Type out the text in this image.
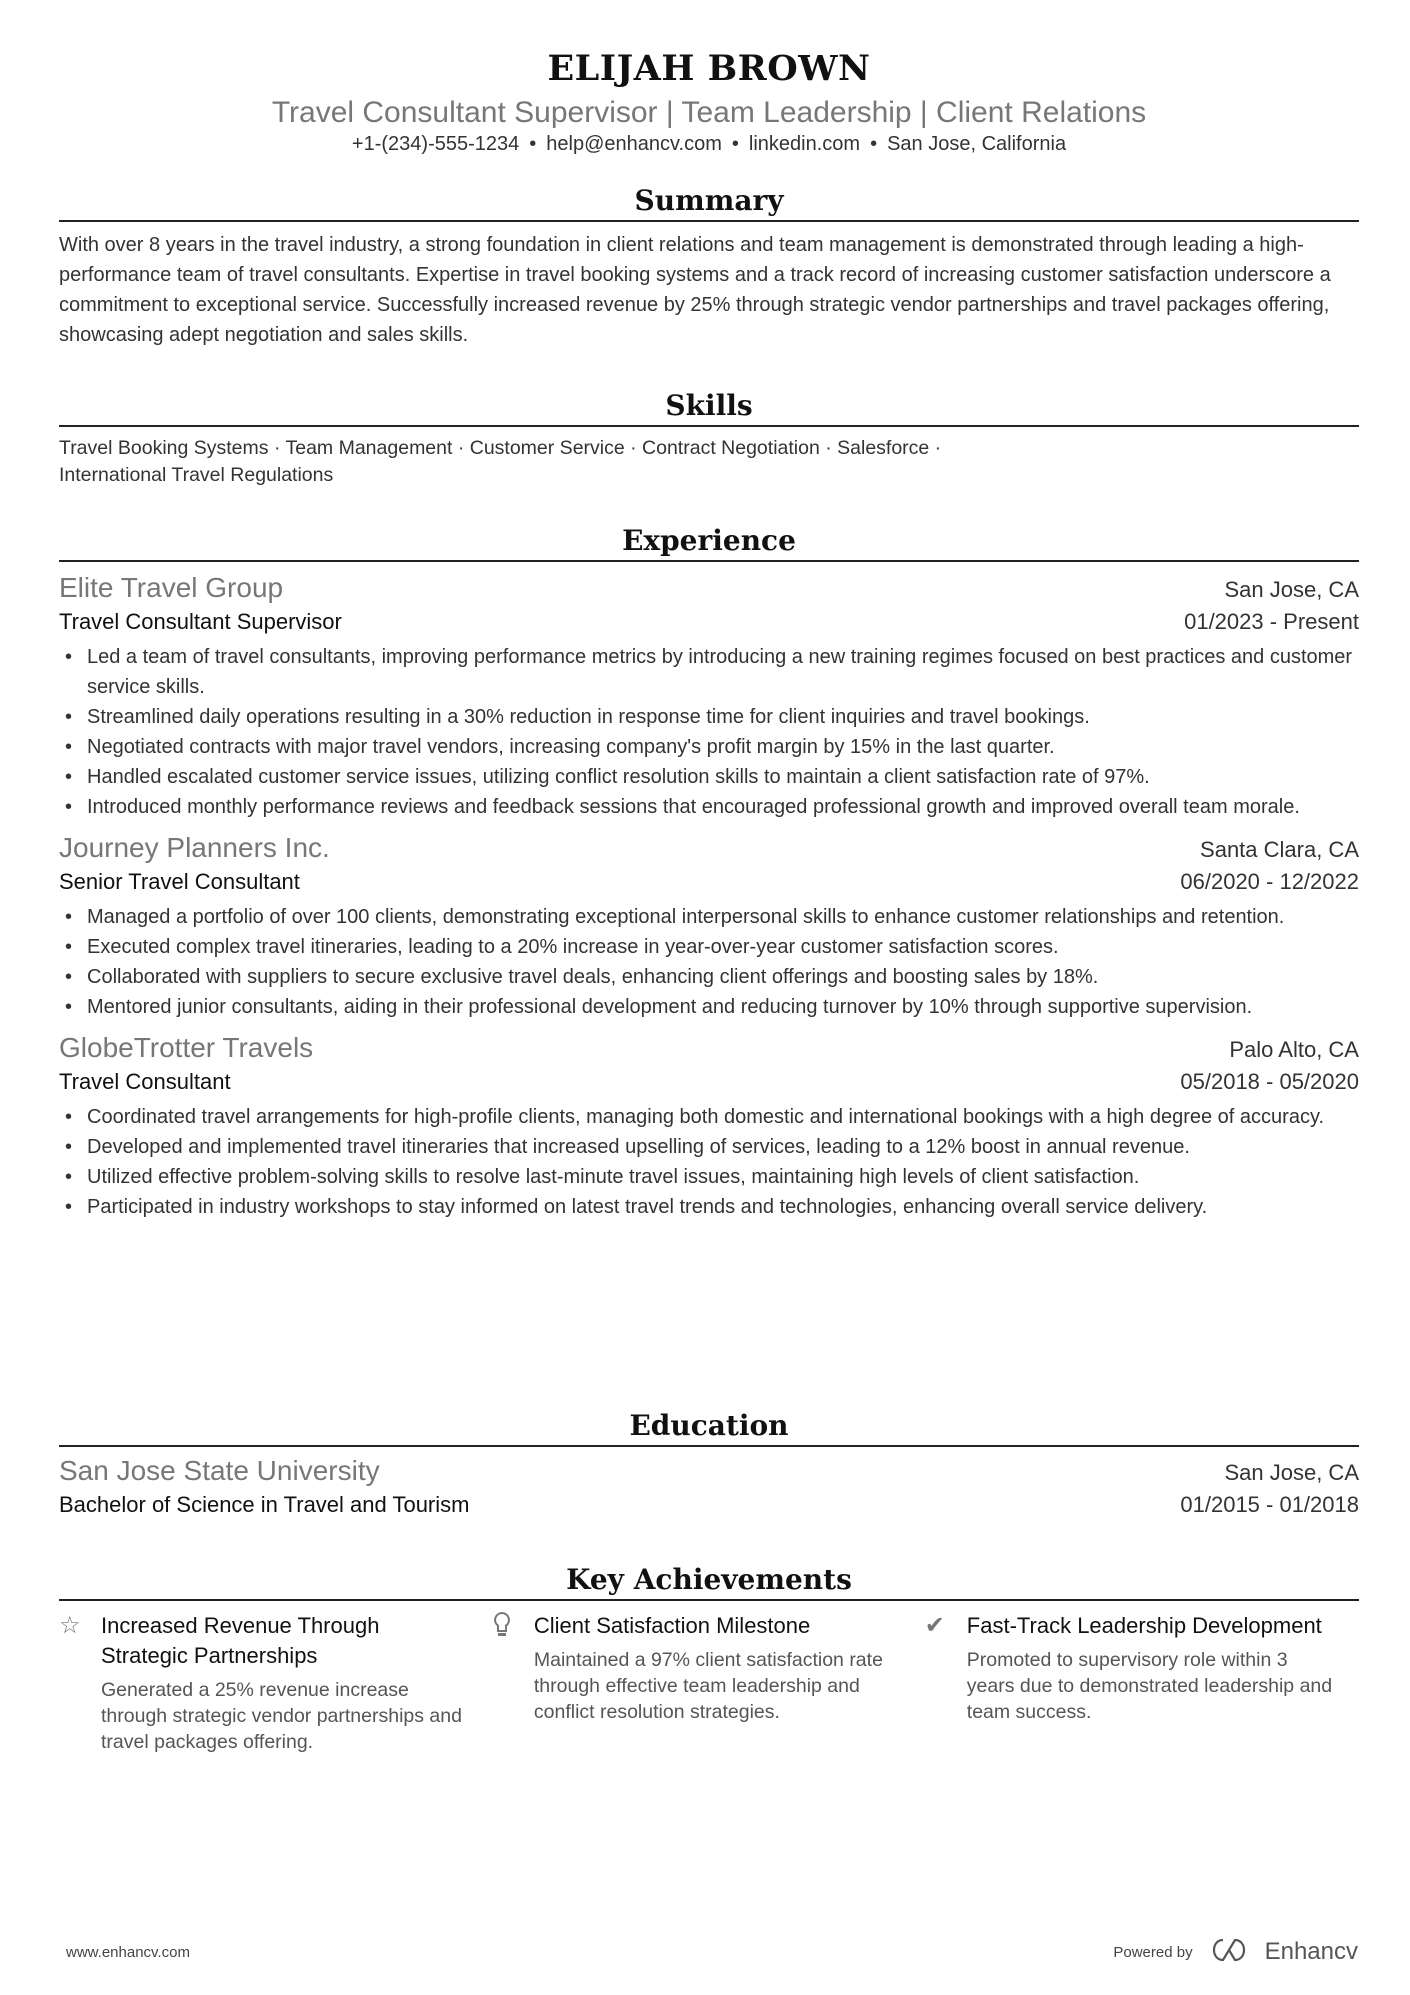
ELIJAH BROWN
Travel Consultant Supervisor | Team Leadership | Client Relations
+1-(234)-555-1234 • help@enhancv.com • linkedin.com • San Jose, California
Summary
With over 8 years in the travel industry, a strong foundation in client relations and team management is demonstrated through leading a high-performance team of travel consultants. Expertise in travel booking systems and a track record of increasing customer satisfaction underscore a commitment to exceptional service. Successfully increased revenue by 25% through strategic vendor partnerships and travel packages offering, showcasing adept negotiation and sales skills.
Skills
Travel Booking Systems · Team Management · Customer Service · Contract Negotiation · Salesforce ·
International Travel Regulations
Experience
Elite Travel Group	San Jose, CA
Travel Consultant Supervisor	01/2023 - Present
• Led a team of travel consultants, improving performance metrics by introducing a new training regimes focused on best practices and customer service skills.
• Streamlined daily operations resulting in a 30% reduction in response time for client inquiries and travel bookings.
• Negotiated contracts with major travel vendors, increasing company's profit margin by 15% in the last quarter.
• Handled escalated customer service issues, utilizing conflict resolution skills to maintain a client satisfaction rate of 97%.
• Introduced monthly performance reviews and feedback sessions that encouraged professional growth and improved overall team morale.
Journey Planners Inc.	Santa Clara, CA
Senior Travel Consultant	06/2020 - 12/2022
• Managed a portfolio of over 100 clients, demonstrating exceptional interpersonal skills to enhance customer relationships and retention.
• Executed complex travel itineraries, leading to a 20% increase in year-over-year customer satisfaction scores.
• Collaborated with suppliers to secure exclusive travel deals, enhancing client offerings and boosting sales by 18%.
• Mentored junior consultants, aiding in their professional development and reducing turnover by 10% through supportive supervision.
GlobeTrotter Travels	Palo Alto, CA
Travel Consultant	05/2018 - 05/2020
• Coordinated travel arrangements for high-profile clients, managing both domestic and international bookings with a high degree of accuracy.
• Developed and implemented travel itineraries that increased upselling of services, leading to a 12% boost in annual revenue.
• Utilized effective problem-solving skills to resolve last-minute travel issues, maintaining high levels of client satisfaction.
• Participated in industry workshops to stay informed on latest travel trends and technologies, enhancing overall service delivery.
Education
San Jose State University	San Jose, CA
Bachelor of Science in Travel and Tourism	01/2015 - 01/2018
Key Achievements
☆ Increased Revenue Through Strategic Partnerships
Generated a 25% revenue increase through strategic vendor partnerships and travel packages offering.
Client Satisfaction Milestone
Maintained a 97% client satisfaction rate through effective team leadership and conflict resolution strategies.
✔ Fast-Track Leadership Development
Promoted to supervisory role within 3 years due to demonstrated leadership and team success.
www.enhancv.com	Powered by	Enhancv
